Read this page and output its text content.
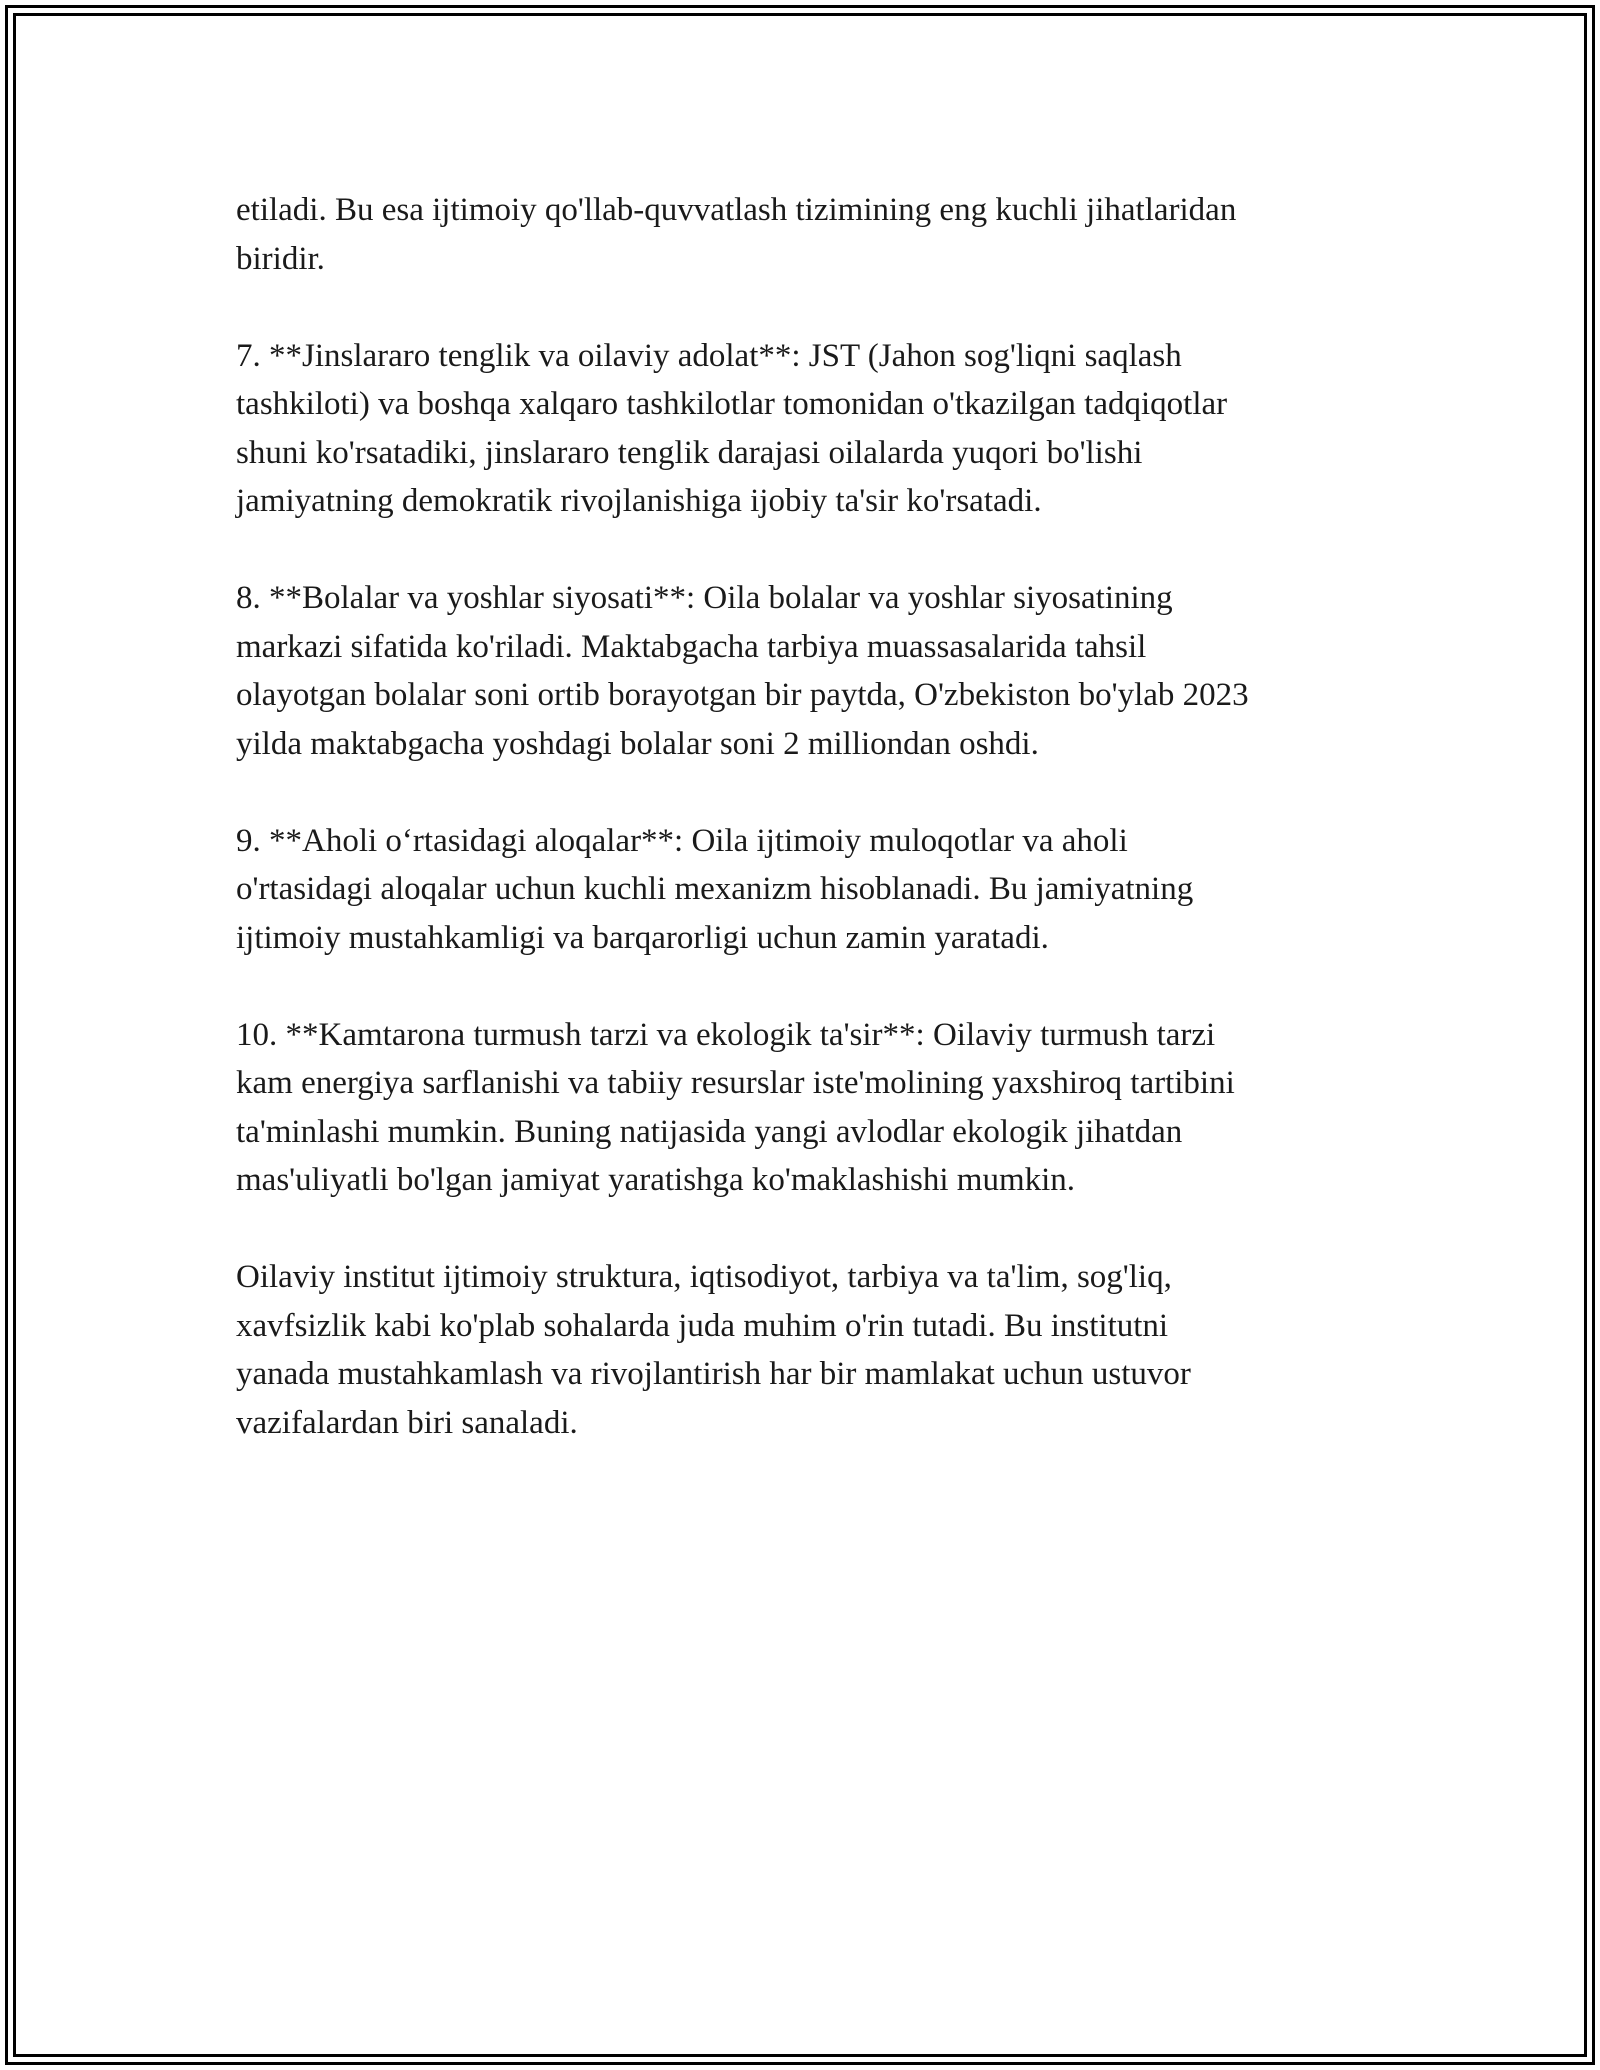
etiladi. Bu esa ijtimoiy qo'llab-quvvatlash tizimining eng kuchli jihatlaridan
biridir.

7. **Jinslararo tenglik va oilaviy adolat**: JST (Jahon sog'liqni saqlash
tashkiloti) va boshqa xalqaro tashkilotlar tomonidan o'tkazilgan tadqiqotlar
shuni ko'rsatadiki, jinslararo tenglik darajasi oilalarda yuqori bo'lishi
jamiyatning demokratik rivojlanishiga ijobiy ta'sir ko'rsatadi.

8. **Bolalar va yoshlar siyosati**: Oila bolalar va yoshlar siyosatining
markazi sifatida ko'riladi. Maktabgacha tarbiya muassasalarida tahsil
olayotgan bolalar soni ortib borayotgan bir paytda, O'zbekiston bo'ylab 2023
yilda maktabgacha yoshdagi bolalar soni 2 milliondan oshdi.

9. **Aholi o‘rtasidagi aloqalar**: Oila ijtimoiy muloqotlar va aholi
o'rtasidagi aloqalar uchun kuchli mexanizm hisoblanadi. Bu jamiyatning
ijtimoiy mustahkamligi va barqarorligi uchun zamin yaratadi.

10. **Kamtarona turmush tarzi va ekologik ta'sir**: Oilaviy turmush tarzi
kam energiya sarflanishi va tabiiy resurslar iste'molining yaxshiroq tartibini
ta'minlashi mumkin. Buning natijasida yangi avlodlar ekologik jihatdan
mas'uliyatli bo'lgan jamiyat yaratishga ko'maklashishi mumkin.

Oilaviy institut ijtimoiy struktura, iqtisodiyot, tarbiya va ta'lim, sog'liq,
xavfsizlik kabi ko'plab sohalarda juda muhim o'rin tutadi. Bu institutni
yanada mustahkamlash va rivojlantirish har bir mamlakat uchun ustuvor
vazifalardan biri sanaladi.
